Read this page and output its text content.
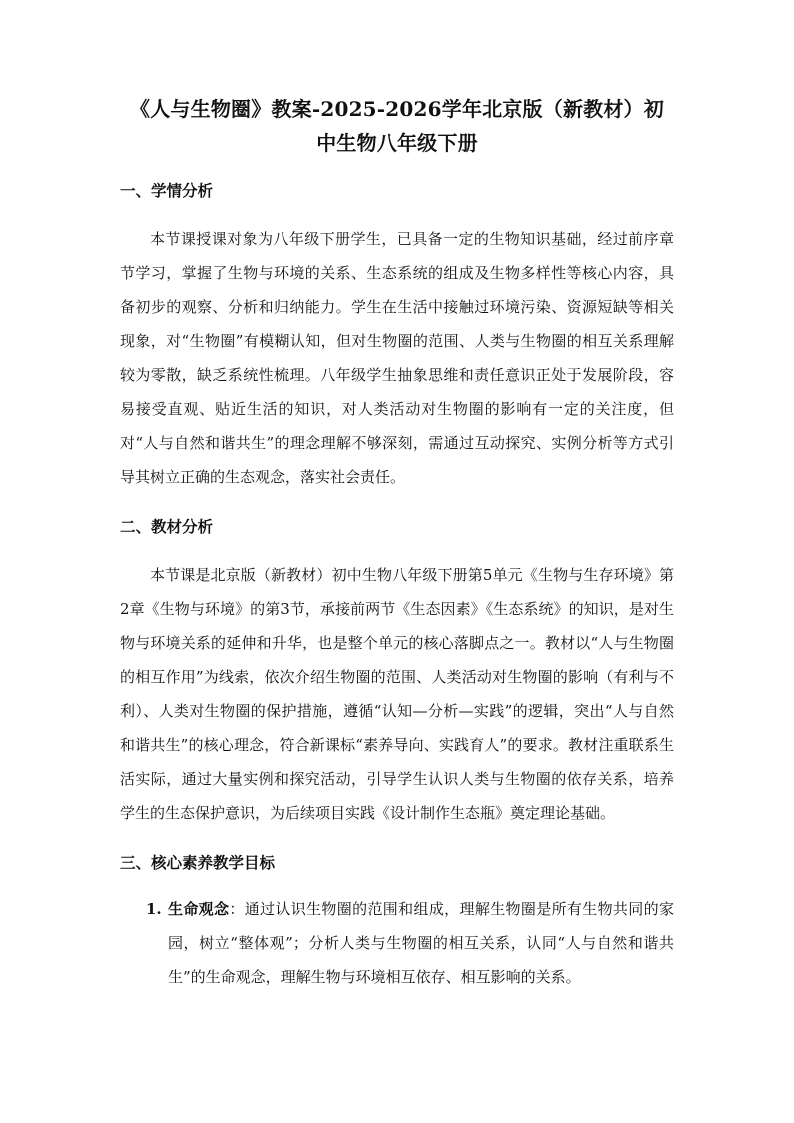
《人与生物圈》教案-2025-2026学年北京版（新教材）初中生物八年级下册
一、学情分析

本节课授课对象为八年级下册学生，已具备一定的生物知识基础，经过前序章节学习，掌握了生物与环境的关系、生态系统的组成及生物多样性等核心内容，具备初步的观察、分析和归纳能力。学生在生活中接触过环境污染、资源短缺等相关现象，对“生物圈”有模糊认知，但对生物圈的范围、人类与生物圈的相互关系理解较为零散，缺乏系统性梳理。八年级学生抽象思维和责任意识正处于发展阶段，容易接受直观、贴近生活的知识，对人类活动对生物圈的影响有一定的关注度，但对“人与自然和谐共生”的理念理解不够深刻，需通过互动探究、实例分析等方式引导其树立正确的生态观念，落实社会责任。

二、教材分析

本节课是北京版（新教材）初中生物八年级下册第5单元《生物与生存环境》第2章《生物与环境》的第3节，承接前两节《生态因素》《生态系统》的知识，是对生物与环境关系的延伸和升华，也是整个单元的核心落脚点之一。教材以“人与生物圈的相互作用”为线索，依次介绍生物圈的范围、人类活动对生物圈的影响（有利与不利）、人类对生物圈的保护措施，遵循“认知—分析—实践”的逻辑，突出“人与自然和谐共生”的核心理念，符合新课标“素养导向、实践育人”的要求。教材注重联系生活实际，通过大量实例和探究活动，引导学生认识人类与生物圈的依存关系，培养学生的生态保护意识，为后续项目实践《设计制作生态瓶》奠定理论基础。

三、核心素养教学目标
1. 生命观念：通过认识生物圈的范围和组成，理解生物圈是所有生物共同的家园，树立“整体观”；分析人类与生物圈的相互关系，认同“人与自然和谐共生”的生命观念，理解生物与环境相互依存、相互影响的关系。
